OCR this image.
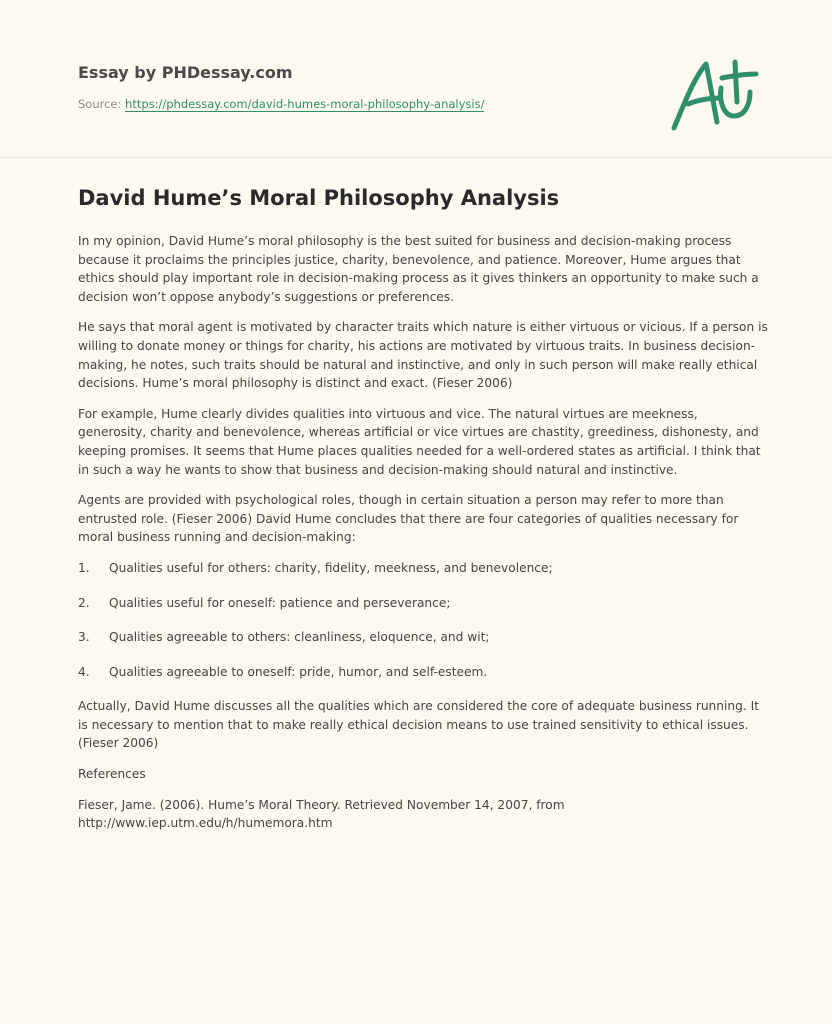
Essay by PHDessay.com
Source: https://phdessay.com/david-humes-moral-philosophy-analysis/
David Hume’s Moral Philosophy Analysis

In my opinion, David Hume’s moral philosophy is the best suited for business and decision-making process because it proclaims the principles justice, charity, benevolence, and patience. Moreover, Hume argues that ethics should play important role in decision-making process as it gives thinkers an opportunity to make such a decision won’t oppose anybody’s suggestions or preferences.

He says that moral agent is motivated by character traits which nature is either virtuous or vicious. If a person is willing to donate money or things for charity, his actions are motivated by virtuous traits. In business decision-making, he notes, such traits should be natural and instinctive, and only in such person will make really ethical decisions. Hume’s moral philosophy is distinct and exact. (Fieser 2006)

For example, Hume clearly divides qualities into virtuous and vice. The natural virtues are meekness, generosity, charity and benevolence, whereas artificial or vice virtues are chastity, greediness, dishonesty, and keeping promises. It seems that Hume places qualities needed for a well-ordered states as artificial. I think that in such a way he wants to show that business and decision-making should natural and instinctive.

Agents are provided with psychological roles, though in certain situation a person may refer to more than entrusted role. (Fieser 2006) David Hume concludes that there are four categories of qualities necessary for moral business running and decision-making:

1.	Qualities useful for others: charity, fidelity, meekness, and benevolence;
2.	Qualities useful for oneself: patience and perseverance;
3.	Qualities agreeable to others: cleanliness, eloquence, and wit;
4.	Qualities agreeable to oneself: pride, humor, and self-esteem.

Actually, David Hume discusses all the qualities which are considered the core of adequate business running. It is necessary to mention that to make really ethical decision means to use trained sensitivity to ethical issues. (Fieser 2006)

References

Fieser, Jame. (2006). Hume’s Moral Theory. Retrieved November 14, 2007, from http://www.iep.utm.edu/h/humemora.htm
